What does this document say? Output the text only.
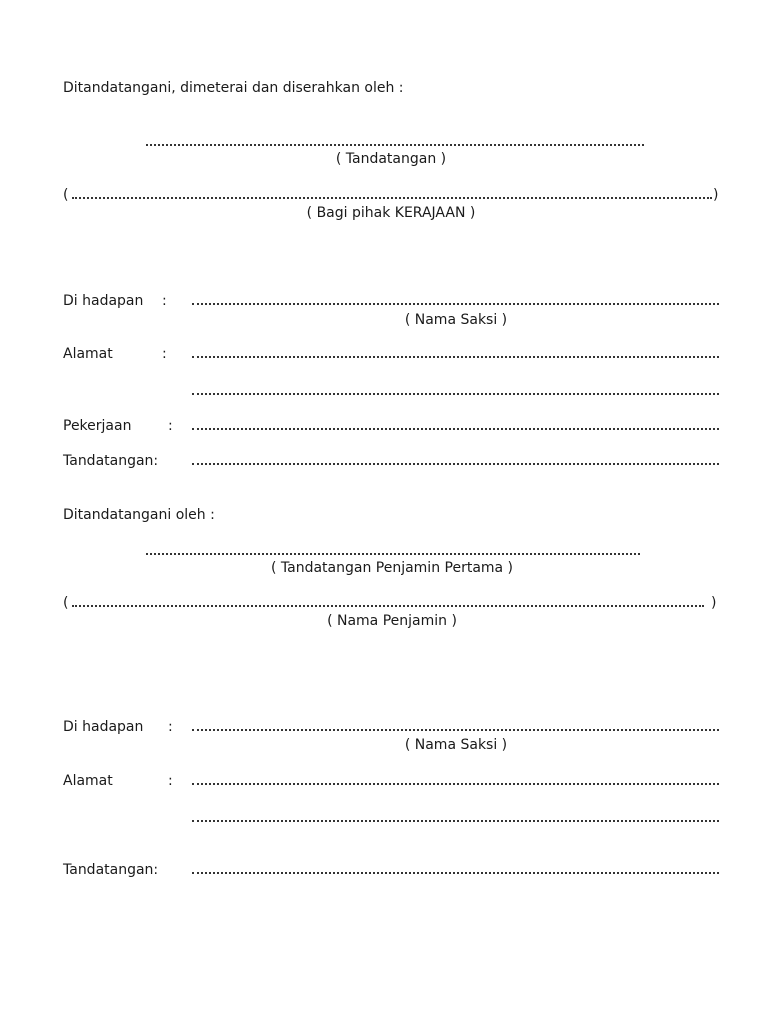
Ditandatangani, dimeterai dan diserahkan oleh :
( Tandatangan )
(	)
( Bagi pihak KERAJAAN )
Di hadapan :
( Nama Saksi )
Alamat	:
Pekerjaan	:
Tandatangan:
Ditandatangani oleh :
( Tandatangan Penjamin Pertama )
(	)
( Nama Penjamin )
Di hadapan :
( Nama Saksi )
Alamat	:
Tandatangan:
